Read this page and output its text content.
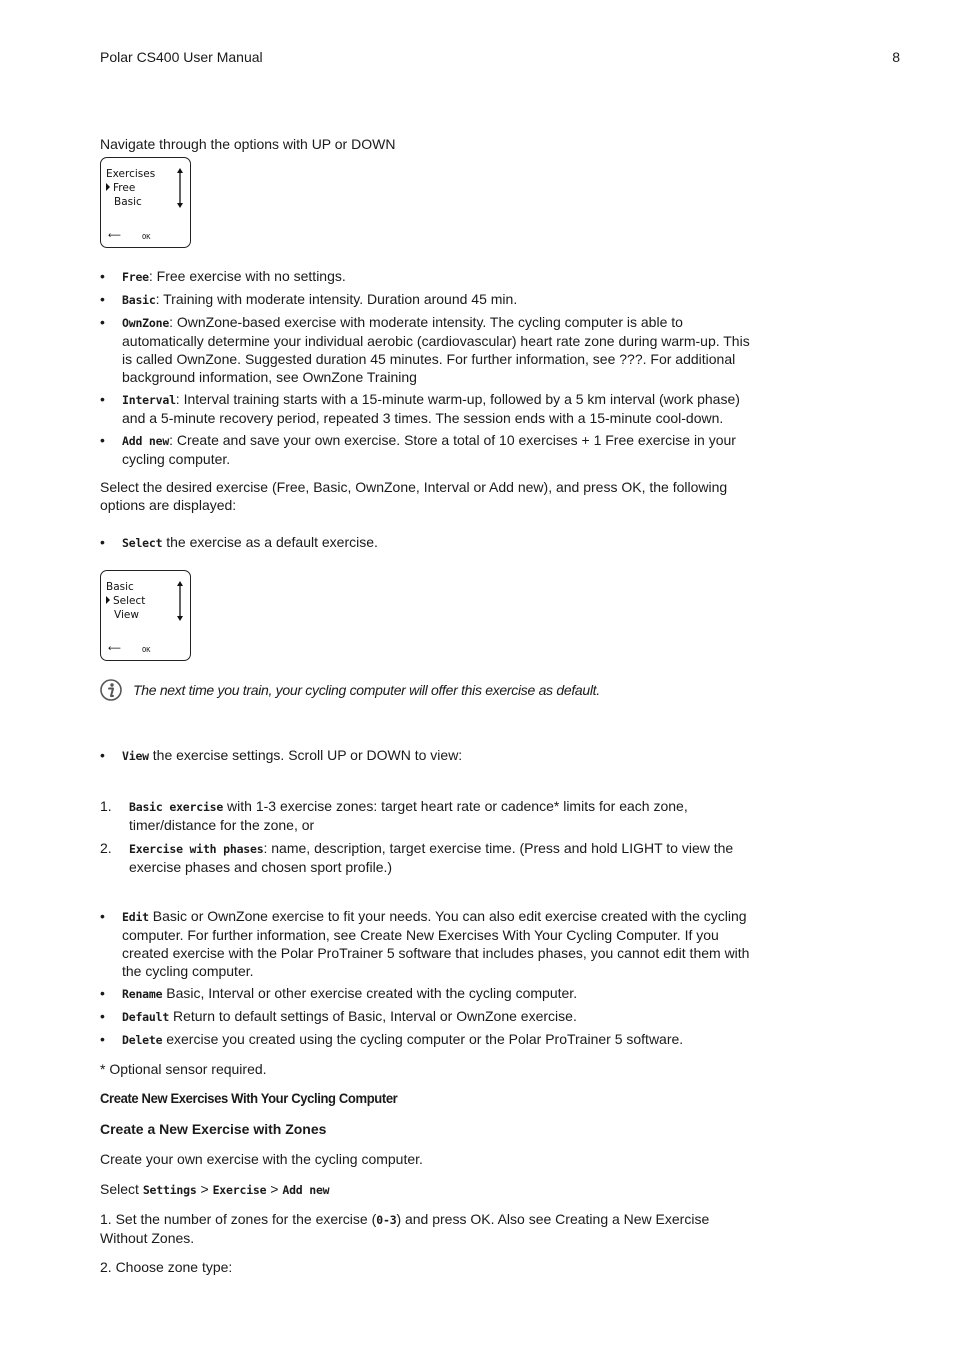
Polar CS400 User Manual	8

Navigate through the options with UP or DOWN

Exercises
Free
Basic
⟵	OK
• Free: Free exercise with no settings.
• Basic: Training with moderate intensity. Duration around 45 min.
• OwnZone: OwnZone-based exercise with moderate intensity. The cycling computer is able to automatically determine your individual aerobic (cardiovascular) heart rate zone during warm-up. This is called OwnZone. Suggested duration 45 minutes. For further information, see ???. For additional background information, see OwnZone Training
• Interval: Interval training starts with a 15-minute warm-up, followed by a 5 km interval (work phase) and a 5-minute recovery period, repeated 3 times. The session ends with a 15-minute cool-down.
• Add new: Create and save your own exercise. Store a total of 10 exercises + 1 Free exercise in your cycling computer.

Select the desired exercise (Free, Basic, OwnZone, Interval or Add new), and press OK, the following options are displayed:

• Select the exercise as a default exercise.
Basic
Select
View
⟵	OK

The next time you train, your cycling computer will offer this exercise as default.

• View the exercise settings. Scroll UP or DOWN to view:
1. Basic exercise with 1-3 exercise zones: target heart rate or cadence* limits for each zone, timer/distance for the zone, or
2. Exercise with phases: name, description, target exercise time. (Press and hold LIGHT to view the exercise phases and chosen sport profile.)
• Edit Basic or OwnZone exercise to fit your needs. You can also edit exercise created with the cycling computer. For further information, see Create New Exercises With Your Cycling Computer. If you created exercise with the Polar ProTrainer 5 software that includes phases, you cannot edit them with the cycling computer.
• Rename Basic, Interval or other exercise created with the cycling computer.
• Default Return to default settings of Basic, Interval or OwnZone exercise.
• Delete exercise you created using the cycling computer or the Polar ProTrainer 5 software.

* Optional sensor required.

Create New Exercises With Your Cycling Computer

Create a New Exercise with Zones

Create your own exercise with the cycling computer.

Select Settings > Exercise > Add new

1. Set the number of zones for the exercise (0-3) and press OK. Also see Creating a New Exercise Without Zones.

2. Choose zone type:
